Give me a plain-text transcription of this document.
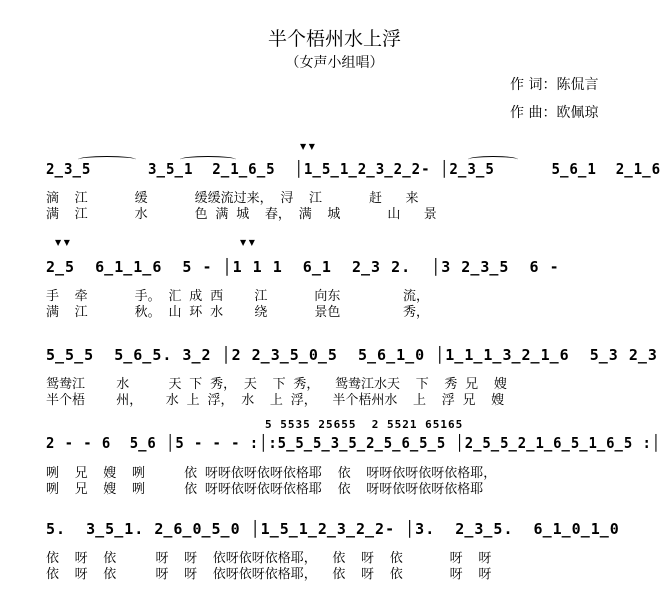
半个梧州水上浮
（女声小组唱）
作 词：陈侃言
作 曲：欧佩琼
▼ ▼
2̲3̲5      3̲5̲1  2̲1̲6̲5  │1̲5̲1̲2̲3̲2̲2- │2̲3̲5      5̲6̲1  2̲1̲6
滴  江      缓      缓缓流过来， 浔  江      赶   来
满  江      水      色 满 城  春， 满  城      山   景
▼ ▼	▼ ▼
2̲5  6̲1̲1̲6  5 - │1 1 1  6̲1  2̲3 2.  │3 2̲3̲5  6 -
手  牵      手。 汇 成 西    江      向东        流，
满  江      秋。 山 环 水    绕      景色        秀，
5̲5̲5  5̲6̲5. 3̲2 │2 2̲3̲5̲0̲5  5̲6̲1̲0 │1̲1̲1̲3̲2̲1̲6  5̲3 2̲3
鸳鸯江    水     天 下 秀， 天  下 秀，  鸳鸯江水天  下  秀 兄  嫂
半个梧    州，   水 上 浮， 水  上 浮，  半个梧州水  上  浮 兄  嫂
5 5535 25655  2 5521 65165
2 - - 6  5̲6 │5 - - - :│:5̲5̲5̲3̲5̲2̲5̲6̲5̲5 │2̲5̲5̲2̲1̲6̲5̲1̲6̲5 :│
咧  兄  嫂  咧     依 呀呀依呀依呀依格耶  依  呀呀依呀依呀依格耶，
咧  兄  嫂  咧     依 呀呀依呀依呀依格耶  依  呀呀依呀依呀依格耶
5.  3̲5̲1. 2̲6̲0̲5̲0 │1̲5̲1̲2̲3̲2̲2- │3.  2̲3̲5.  6̲1̲0̲1̲0
依  呀  依     呀  呀  依呀依呀依格耶，  依  呀  依      呀  呀
依  呀  依     呀  呀  依呀依呀依格耶，  依  呀  依      呀  呀
